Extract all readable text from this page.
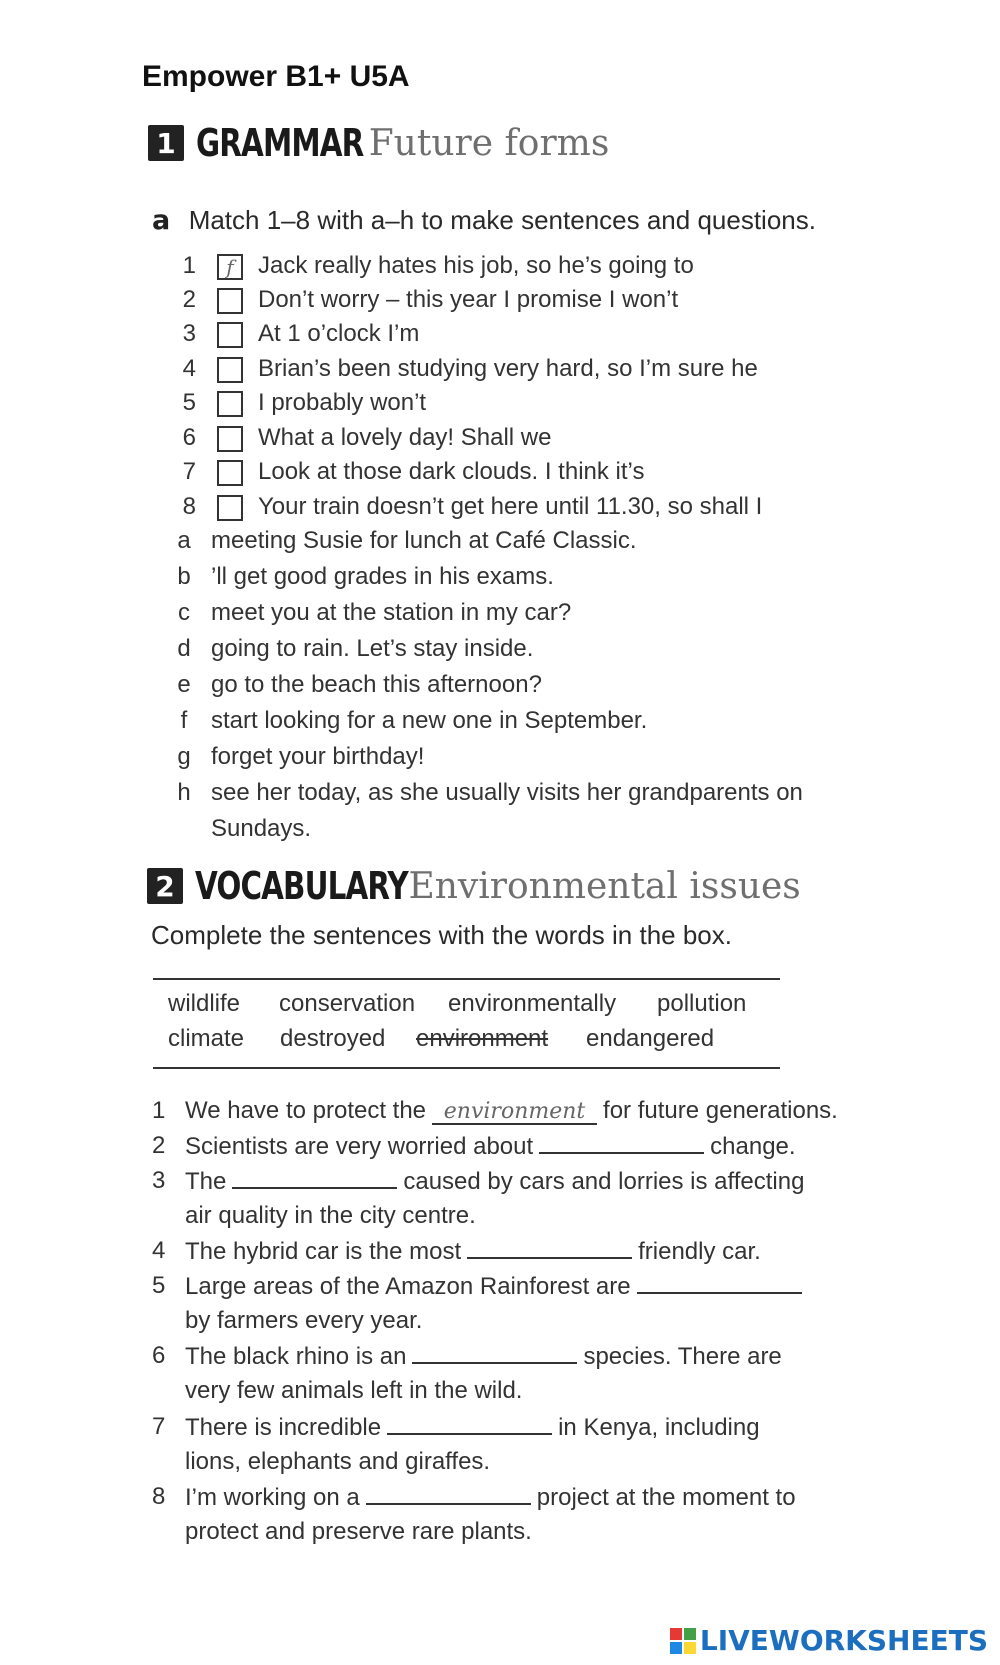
Empower B1+ U5A
1 GRAMMAR Future forms
a Match 1–8 with a–h to make sentences and questions.
1	f	Jack really hates his job, so he’s going to
2	Don’t worry – this year I promise I won’t
3	At 1 o’clock I’m
4	Brian’s been studying very hard, so I’m sure he
5	I probably won’t
6	What a lovely day! Shall we
7	Look at those dark clouds. I think it’s
8	Your train doesn’t get here until 11.30, so shall I
a meeting Susie for lunch at Café Classic.
b ’ll get good grades in his exams.
c meet you at the station in my car?
d going to rain. Let’s stay inside.
e go to the beach this afternoon?
f start looking for a new one in September.
g forget your birthday!
h see her today, as she usually visits her grandparents on
Sundays.
2 VOCABULARY Environmental issues
Complete the sentences with the words in the box.
wildlife conservation environmentally pollution
climate destroyed environment endangered
1 We have to protect the environment for future generations.
2 Scientists are very worried about	change.
3 The	caused by cars and lorries is affecting
air quality in the city centre.
4 The hybrid car is the most	friendly car.
5 Large areas of the Amazon Rainforest are
by farmers every year.
6 The black rhino is an	species. There are
very few animals left in the wild.
7 There is incredible	in Kenya, including
lions, elephants and giraffes.
8 I’m working on a	project at the moment to
protect and preserve rare plants.
LIVEWORKSHEETS
